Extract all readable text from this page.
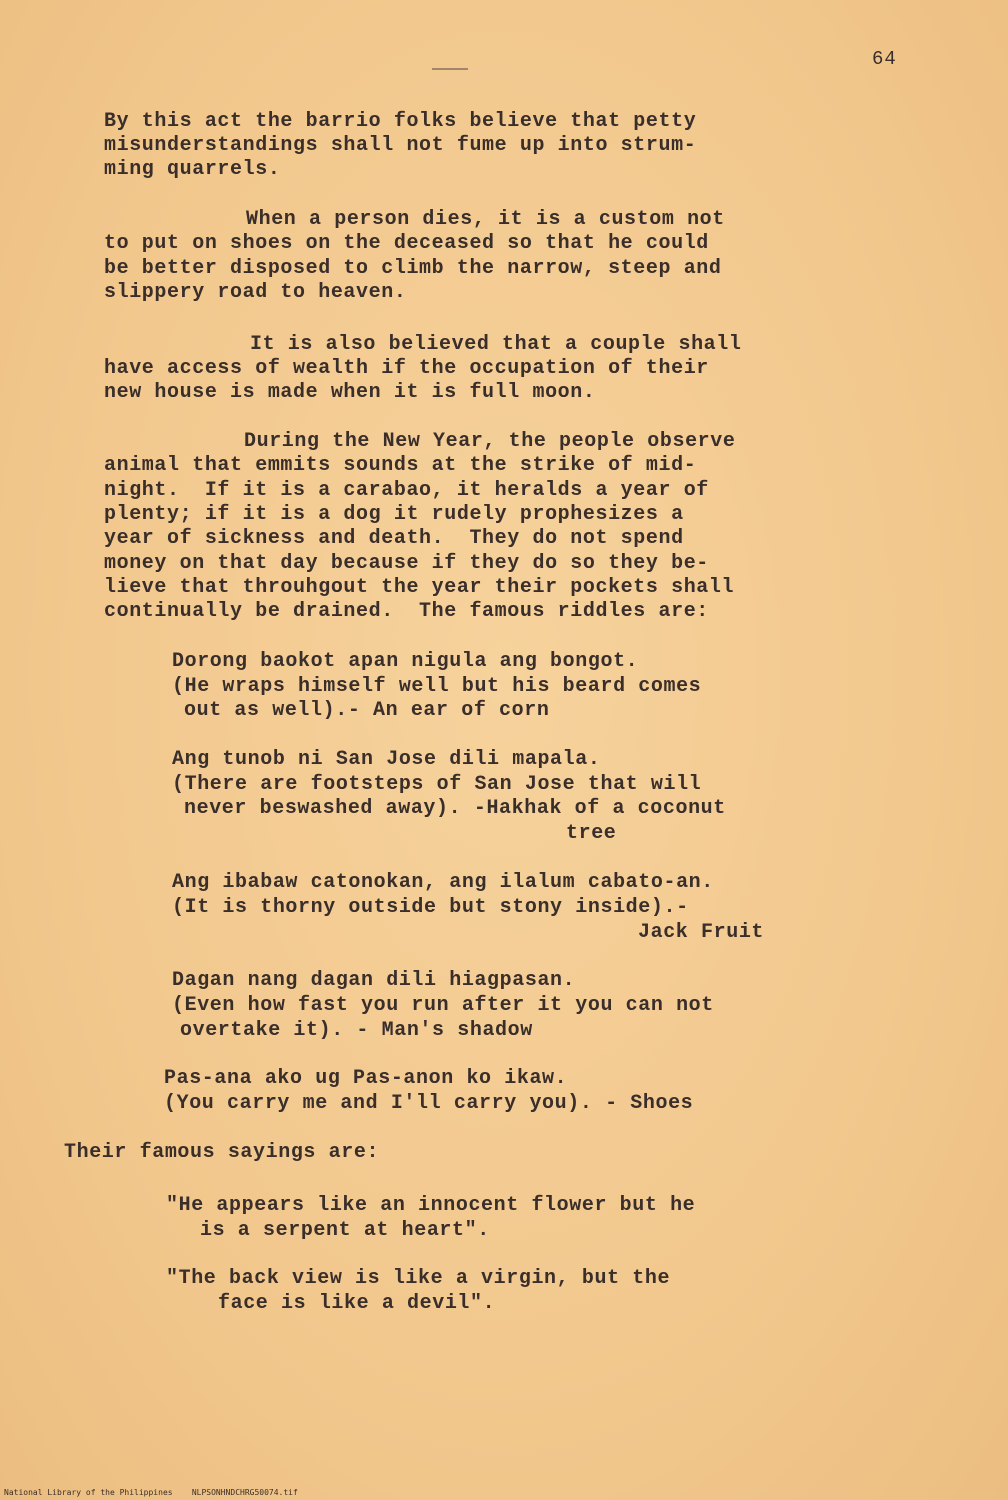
64
By this act the barrio folks believe that petty
misunderstandings shall not fume up into strum-
ming quarrels.
When a person dies, it is a custom not
to put on shoes on the deceased so that he could
be better disposed to climb the narrow, steep and
slippery road to heaven.
It is also believed that a couple shall
have access of wealth if the occupation of their
new house is made when it is full moon.
During the New Year, the people observe
animal that emmits sounds at the strike of mid-
night.  If it is a carabao, it heralds a year of
plenty; if it is a dog it rudely prophesizes a
year of sickness and death.  They do not spend
money on that day because if they do so they be-
lieve that throuhgout the year their pockets shall
continually be drained.  The famous riddles are:
Dorong baokot apan nigula ang bongot.
(He wraps himself well but his beard comes
out as well).- An ear of corn
Ang tunob ni San Jose dili mapala.
(There are footsteps of San Jose that will
never beswashed away). -Hakhak of a coconut
tree
Ang ibabaw catonokan, ang ilalum cabato-an.
(It is thorny outside but stony inside).-
Jack Fruit
Dagan nang dagan dili hiagpasan.
(Even how fast you run after it you can not
overtake it). - Man's shadow
Pas-ana ako ug Pas-anon ko ikaw.
(You carry me and I'll carry you). - Shoes
Their famous sayings are:
"He appears like an innocent flower but he
is a serpent at heart".
"The back view is like a virgin, but the
face is like a devil".
National Library of the Philippines    NLPSONHNDCHRG50074.tif
